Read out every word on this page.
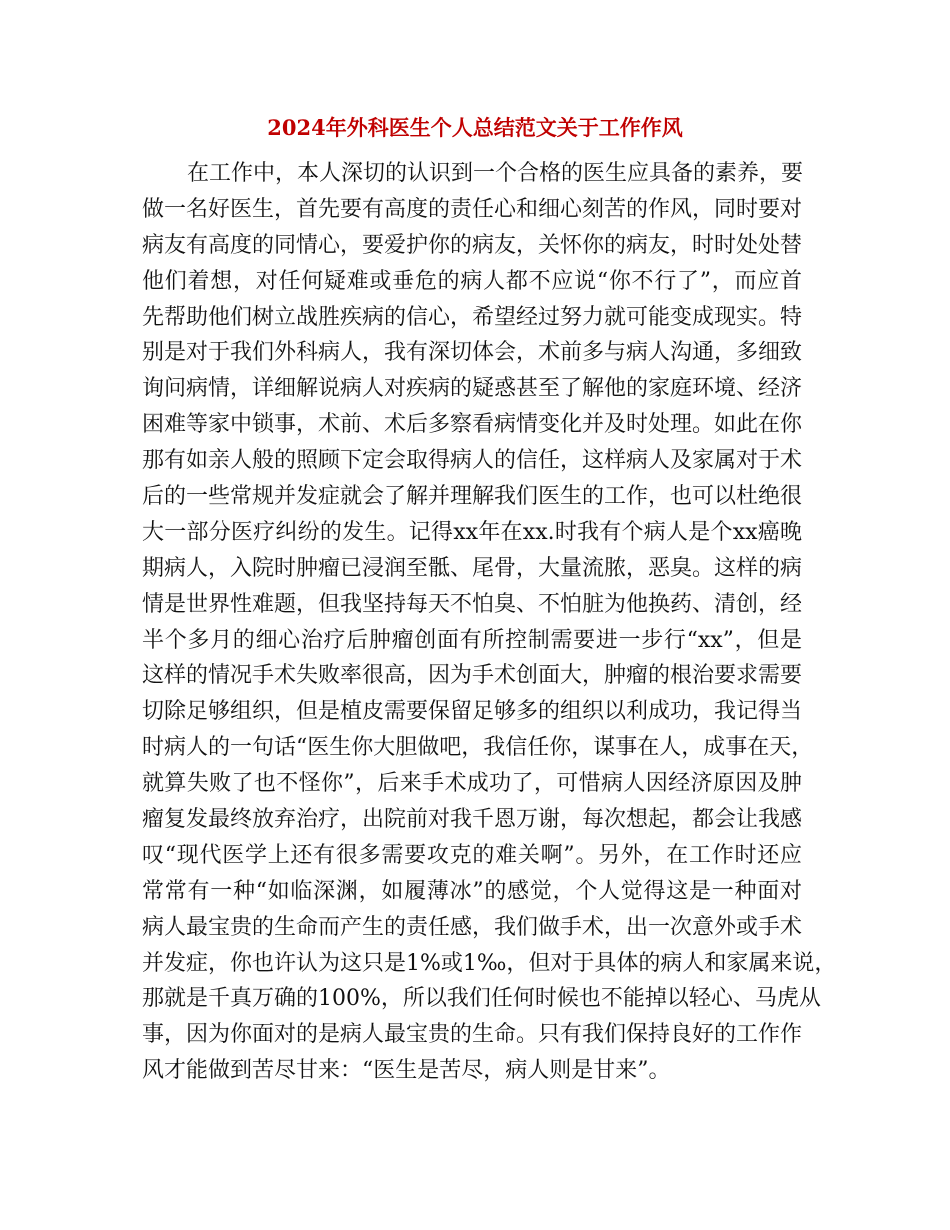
2024年外科医生个人总结范文关于工作作风
在工作中，本人深切的认识到一个合格的医生应具备的素养，要
做一名好医生，首先要有高度的责任心和细心刻苦的作风，同时要对
病友有高度的同情心，要爱护你的病友，关怀你的病友，时时处处替
他们着想，对任何疑难或垂危的病人都不应说“你不行了”，而应首
先帮助他们树立战胜疾病的信心，希望经过努力就可能变成现实。特
别是对于我们外科病人，我有深切体会，术前多与病人沟通，多细致
询问病情，详细解说病人对疾病的疑惑甚至了解他的家庭环境、经济
困难等家中锁事，术前、术后多察看病情变化并及时处理。如此在你
那有如亲人般的照顾下定会取得病人的信任，这样病人及家属对于术
后的一些常规并发症就会了解并理解我们医生的工作，也可以杜绝很
大一部分医疗纠纷的发生。记得xx年在xx.时我有个病人是个xx癌晚
期病人，入院时肿瘤已浸润至骶、尾骨，大量流脓，恶臭。这样的病
情是世界性难题，但我坚持每天不怕臭、不怕脏为他换药、清创，经
半个多月的细心治疗后肿瘤创面有所控制需要进一步行“xx”，但是
这样的情况手术失败率很高，因为手术创面大，肿瘤的根治要求需要
切除足够组织，但是植皮需要保留足够多的组织以利成功，我记得当
时病人的一句话“医生你大胆做吧，我信任你，谋事在人，成事在天，
就算失败了也不怪你”，后来手术成功了，可惜病人因经济原因及肿
瘤复发最终放弃治疗，出院前对我千恩万谢，每次想起，都会让我感
叹“现代医学上还有很多需要攻克的难关啊”。另外，在工作时还应
常常有一种“如临深渊，如履薄冰”的感觉，个人觉得这是一种面对
病人最宝贵的生命而产生的责任感，我们做手术，出一次意外或手术
并发症，你也许认为这只是1%或1‰，但对于具体的病人和家属来说，
那就是千真万确的100%，所以我们任何时候也不能掉以轻心、马虎从
事，因为你面对的是病人最宝贵的生命。只有我们保持良好的工作作
风才能做到苦尽甘来：“医生是苦尽，病人则是甘来”。
